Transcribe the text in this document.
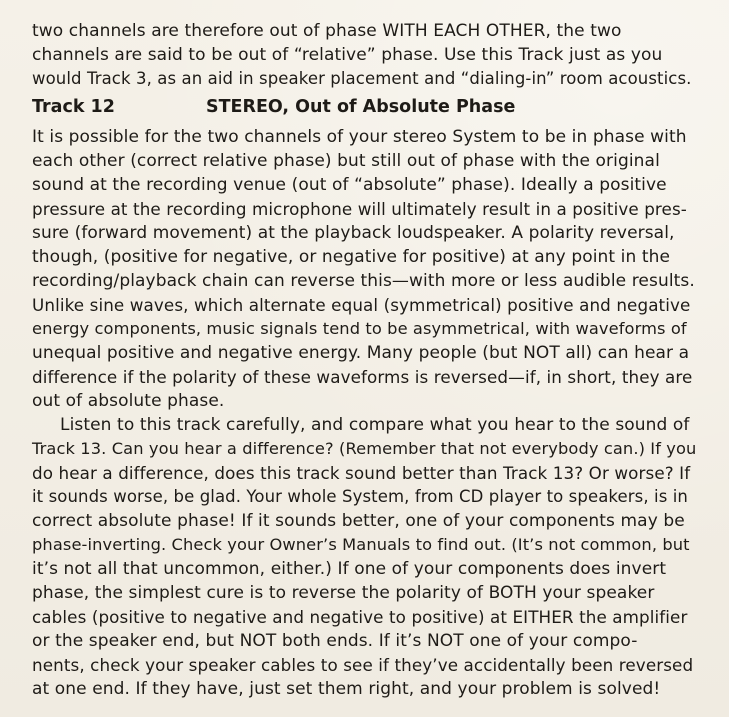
two channels are therefore out of phase WITH EACH OTHER, the two
channels are said to be out of “relative” phase. Use this Track just as you
would Track 3, as an aid in speaker placement and “dialing-in” room acoustics.
Track 12	STEREO, Out of Absolute Phase
It is possible for the two channels of your stereo System to be in phase with
each other (correct relative phase) but still out of phase with the original
sound at the recording venue (out of “absolute” phase). Ideally a positive
pressure at the recording microphone will ultimately result in a positive pres-
sure (forward movement) at the playback loudspeaker. A polarity reversal,
though, (positive for negative, or negative for positive) at any point in the
recording/playback chain can reverse this—with more or less audible results.
Unlike sine waves, which alternate equal (symmetrical) positive and negative
energy components, music signals tend to be asymmetrical, with waveforms of
unequal positive and negative energy. Many people (but NOT all) can hear a
difference if the polarity of these waveforms is reversed—if, in short, they are
out of absolute phase.
Listen to this track carefully, and compare what you hear to the sound of
Track 13. Can you hear a difference? (Remember that not everybody can.) If you
do hear a difference, does this track sound better than Track 13? Or worse? If
it sounds worse, be glad. Your whole System, from CD player to speakers, is in
correct absolute phase! If it sounds better, one of your components may be
phase-inverting. Check your Owner’s Manuals to find out. (It’s not common, but
it’s not all that uncommon, either.) If one of your components does invert
phase, the simplest cure is to reverse the polarity of BOTH your speaker
cables (positive to negative and negative to positive) at EITHER the amplifier
or the speaker end, but NOT both ends. If it’s NOT one of your compo-
nents, check your speaker cables to see if they’ve accidentally been reversed
at one end. If they have, just set them right, and your problem is solved!
